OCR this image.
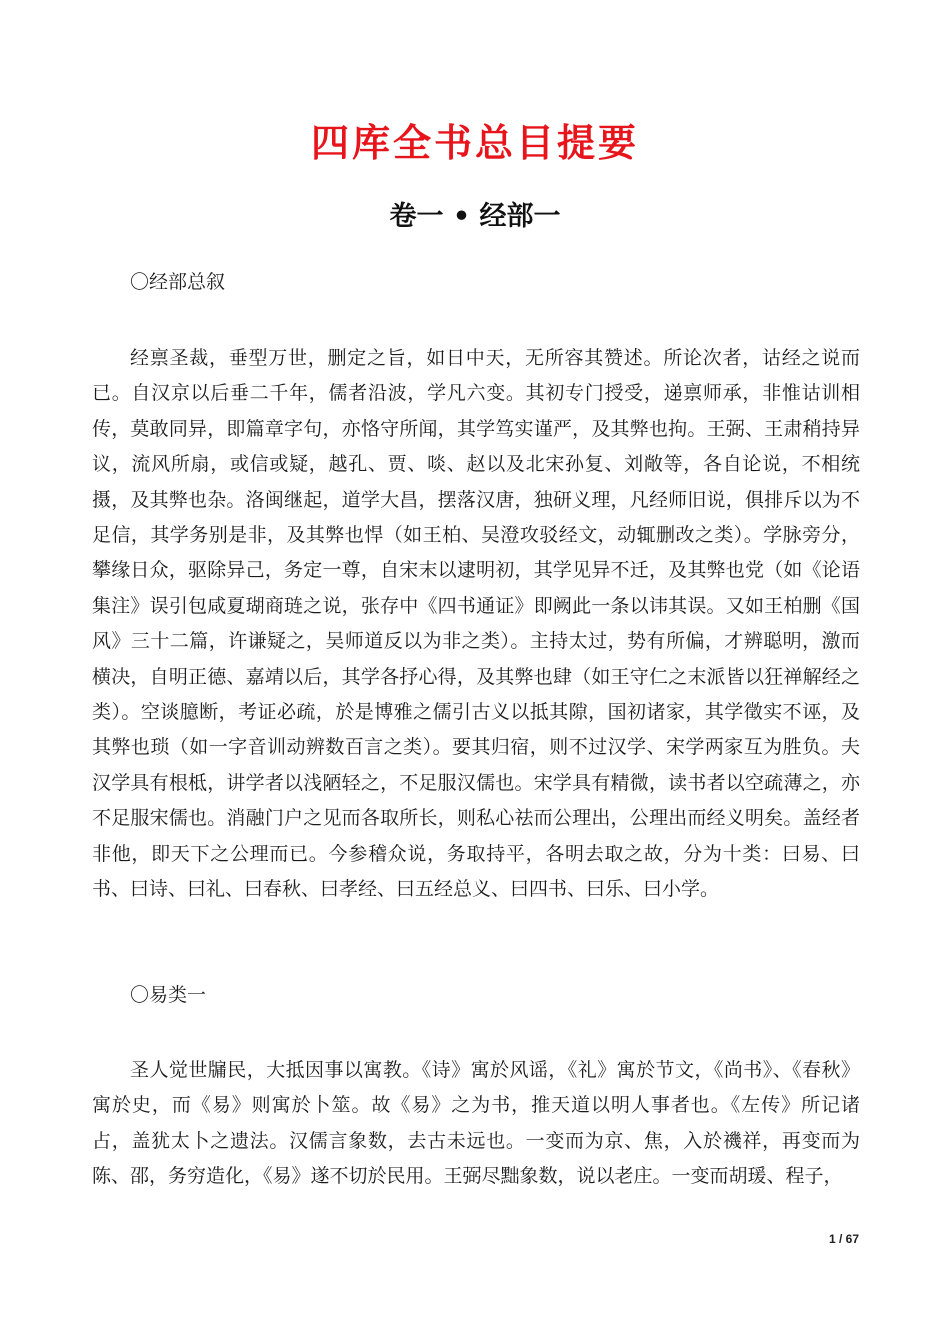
四库全书总目提要
卷一 • 经部一
〇经部总叙

经禀圣裁，垂型万世，删定之旨，如日中天，无所容其赞述。所论次者，诂经之说而已。自汉京以后垂二千年，儒者沿波，学凡六变。其初专门授受，递禀师承，非惟诂训相传，莫敢同异，即篇章字句，亦恪守所闻，其学笃实谨严，及其弊也拘。王弼、王肃稍持异议，流风所扇，或信或疑，越孔、贾、啖、赵以及北宋孙复、刘敞等，各自论说，不相统摄，及其弊也杂。洛闽继起，道学大昌，摆落汉唐，独研义理，凡经师旧说，俱排斥以为不足信，其学务别是非，及其弊也悍（如王柏、吴澄攻驳经文，动辄删改之类）。学脉旁分，攀缘日众，驱除异己，务定一尊，自宋末以逮明初，其学见异不迁，及其弊也党（如《论语集注》误引包咸夏瑚商琏之说，张存中《四书通证》即阙此一条以讳其误。又如王柏删《国风》三十二篇，许谦疑之，吴师道反以为非之类）。主持太过，势有所偏，才辨聪明，激而横决，自明正德、嘉靖以后，其学各抒心得，及其弊也肆（如王守仁之末派皆以狂禅解经之类）。空谈臆断，考证必疏，於是博雅之儒引古义以抵其隙，国初诸家，其学徵实不诬，及其弊也琐（如一字音训动辨数百言之类）。要其归宿，则不过汉学、宋学两家互为胜负。夫汉学具有根柢，讲学者以浅陋轻之，不足服汉儒也。宋学具有精微，读书者以空疏薄之，亦不足服宋儒也。消融门户之见而各取所长，则私心祛而公理出，公理出而经义明矣。盖经者非他，即天下之公理而已。今参稽众说，务取持平，各明去取之故，分为十类：曰易、曰书、曰诗、曰礼、曰春秋、曰孝经、曰五经总义、曰四书、曰乐、曰小学。

〇易类一

圣人觉世牖民，大抵因事以寓教。《诗》寓於风谣，《礼》寓於节文，《尚书》、《春秋》寓於史，而《易》则寓於卜筮。故《易》之为书，推天道以明人事者也。《左传》所记诸占，盖犹太卜之遗法。汉儒言象数，去古未远也。一变而为京、焦，入於禨祥，再变而为陈、邵，务穷造化，《易》遂不切於民用。王弼尽黜象数，说以老庄。一变而胡瑗、程子，

1 / 67
